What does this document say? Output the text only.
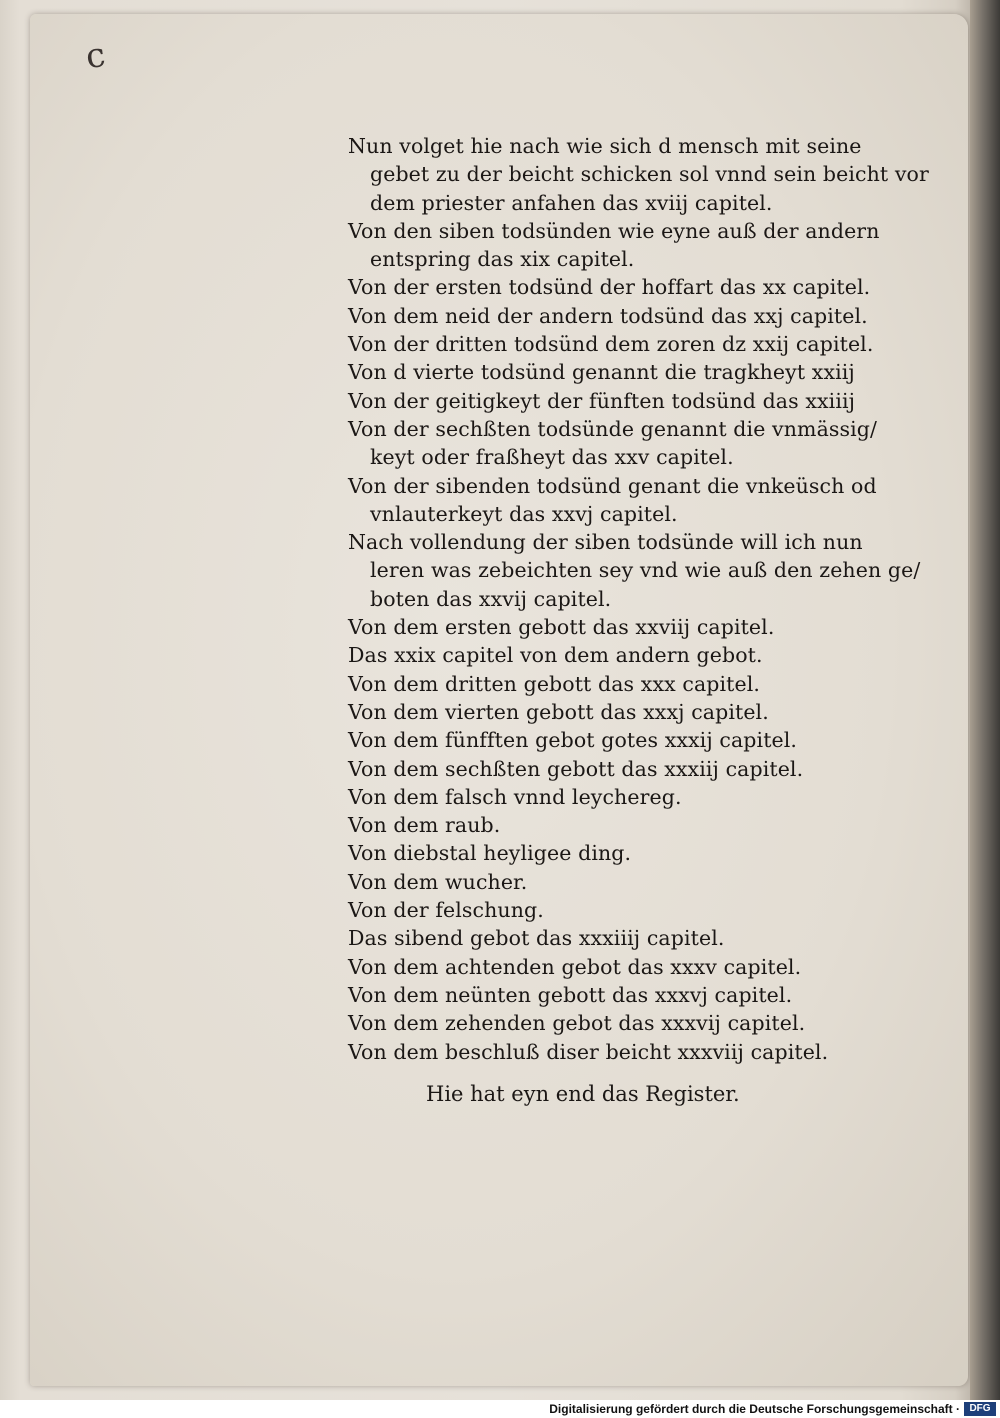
c
Nun volget hie nach wie sich d mensch mit seine
gebet zu der beicht schicken sol vnnd sein beicht vor
dem priester anfahen das xviij capitel.
Von den siben todsünden wie eyne auß der andern
entspring das xix capitel.
Von der ersten todsünd der hoffart das xx capitel.
Von dem neid der andern todsünd das xxj capitel.
Von der dritten todsünd dem zoren dz xxij capitel.
Von d vierte todsünd genannt die tragkheyt xxiij
Von der geitigkeyt der fünften todsünd das xxiiij
Von der sechßten todsünde genannt die vnmässig/
keyt oder fraßheyt das xxv capitel.
Von der sibenden todsünd genant die vnkeüsch od
vnlauterkeyt das xxvj capitel.
Nach vollendung der siben todsünde will ich nun
leren was zebeichten sey vnd wie auß den zehen ge/
boten das xxvij capitel.
Von dem ersten gebott das xxviij capitel.
Das xxix capitel von dem andern gebot.
Von dem dritten gebott das xxx capitel.
Von dem vierten gebott das xxxj capitel.
Von dem fünfften gebot gotes xxxij capitel.
Von dem sechßten gebott das xxxiij capitel.
Von dem falsch vnnd leychereg.
Von dem raub.
Von diebstal heyligee ding.
Von dem wucher.
Von der felschung.
Das sibend gebot das xxxiiij capitel.
Von dem achtenden gebot das xxxv capitel.
Von dem neünten gebott das xxxvj capitel.
Von dem zehenden gebot das xxxvij capitel.
Von dem beschluß diser beicht xxxviij capitel.
Hie hat eyn end das Register.
Digitalisierung gefördert durch die Deutsche Forschungsgemeinschaft · DFG
